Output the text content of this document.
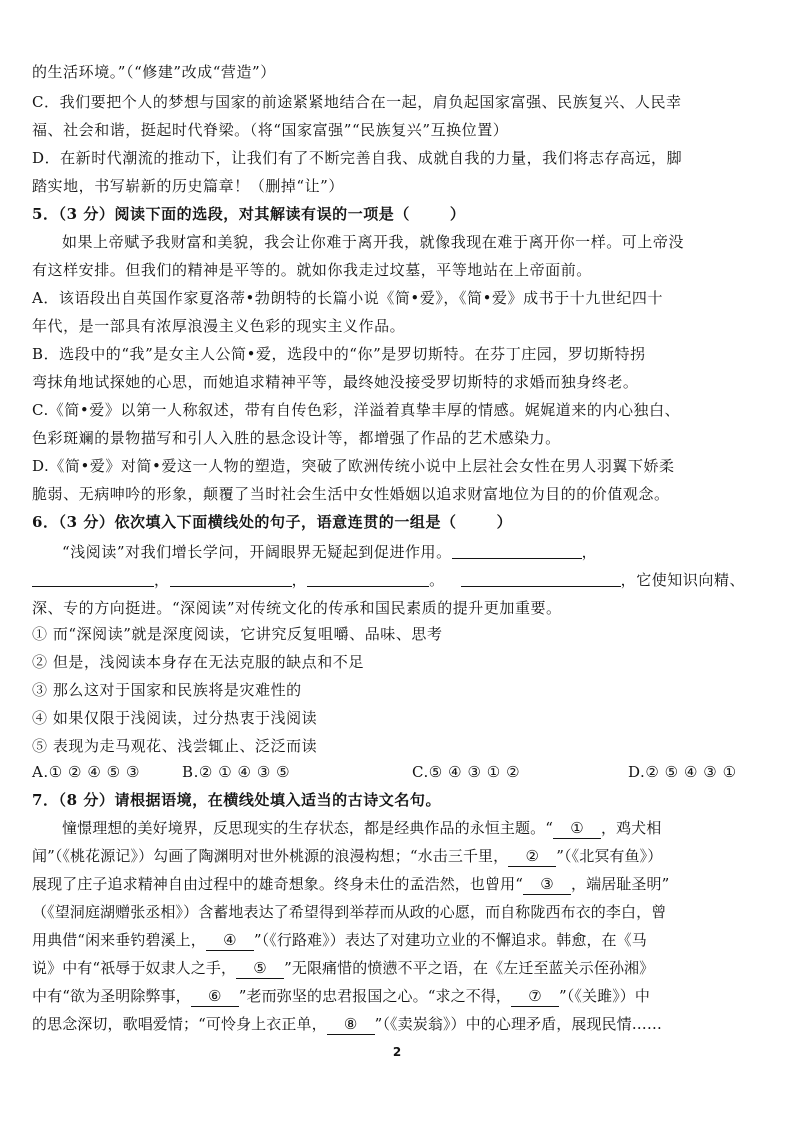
的生活环境。”（“修建”改成“营造”）
C．我们要把个人的梦想与国家的前途紧紧地结合在一起，肩负起国家富强、民族复兴、人民幸
福、社会和谐，挺起时代脊梁。（将“国家富强”“民族复兴”互换位置）
D．在新时代潮流的推动下，让我们有了不断完善自我、成就自我的力量，我们将志存高远，脚
踏实地，书写崭新的历史篇章！（删掉“让”）
5．（3 分）阅读下面的选段，对其解读有误的一项是（	）
如果上帝赋予我财富和美貌，我会让你难于离开我，就像我现在难于离开你一样。可上帝没
有这样安排。但我们的精神是平等的。就如你我走过坟墓，平等地站在上帝面前。
A．该语段出自英国作家夏洛蒂•勃朗特的长篇小说《简•爱》，《简•爱》成书于十九世纪四十
年代，是一部具有浓厚浪漫主义色彩的现实主义作品。
B．选段中的“我”是女主人公简•爱，选段中的“你”是罗切斯特。在芬丁庄园，罗切斯特拐
弯抹角地试探她的心思，而她追求精神平等，最终她没接受罗切斯特的求婚而独身终老。
C.《简•爱》以第一人称叙述，带有自传色彩，洋溢着真挚丰厚的情感。娓娓道来的内心独白、
色彩斑斓的景物描写和引人入胜的悬念设计等，都增强了作品的艺术感染力。
D.《简•爱》对简•爱这一人物的塑造，突破了欧洲传统小说中上层社会女性在男人羽翼下娇柔
脆弱、无病呻吟的形象，颠覆了当时社会生活中女性婚姻以追求财富地位为目的的价值观念。
6．（3 分）依次填入下面横线处的句子，语意连贯的一组是（	）
“浅阅读”对我们增长学问，开阔眼界无疑起到促进作用。	，
，	，	。	，它使知识向精、
深、专的方向挺进。“深阅读”对传统文化的传承和国民素质的提升更加重要。
① 而“深阅读”就是深度阅读，它讲究反复咀嚼、品味、思考
② 但是，浅阅读本身存在无法克服的缺点和不足
③ 那么这对于国家和民族将是灾难性的
④ 如果仅限于浅阅读，过分热衷于浅阅读
⑤ 表现为走马观花、浅尝辄止、泛泛而读
A.① ② ④ ⑤ ③	B.② ① ④ ③ ⑤	C.⑤ ④ ③ ① ②	D.② ⑤ ④ ③ ①
7．（8 分）请根据语境，在横线处填入适当的古诗文名句。
憧憬理想的美好境界，反思现实的生存状态，都是经典作品的永恒主题。“ ① ，鸡犬相
闻”（《桃花源记》）勾画了陶渊明对世外桃源的浪漫构想；“水击三千里， ② ”（《北冥有鱼》）
展现了庄子追求精神自由过程中的雄奇想象。终身未仕的孟浩然，也曾用“ ③ ，端居耻圣明”
（《望洞庭湖赠张丞相》）含蓄地表达了希望得到举荐而从政的心愿，而自称陇西布衣的李白，曾
用典借“闲来垂钓碧溪上， ④ ”（《行路难》）表达了对建功立业的不懈追求。韩愈，在《马
说》中有“祇辱于奴隶人之手， ⑤ ”无限痛惜的愤懑不平之语，在《左迁至蓝关示侄孙湘》
中有“欲为圣明除弊事， ⑥ ”老而弥坚的忠君报国之心。“求之不得， ⑦ ”（《关雎》）中
的思念深切，歌唱爱情；“可怜身上衣正单， ⑧ ”（《卖炭翁》）中的心理矛盾，展现民情……
2
